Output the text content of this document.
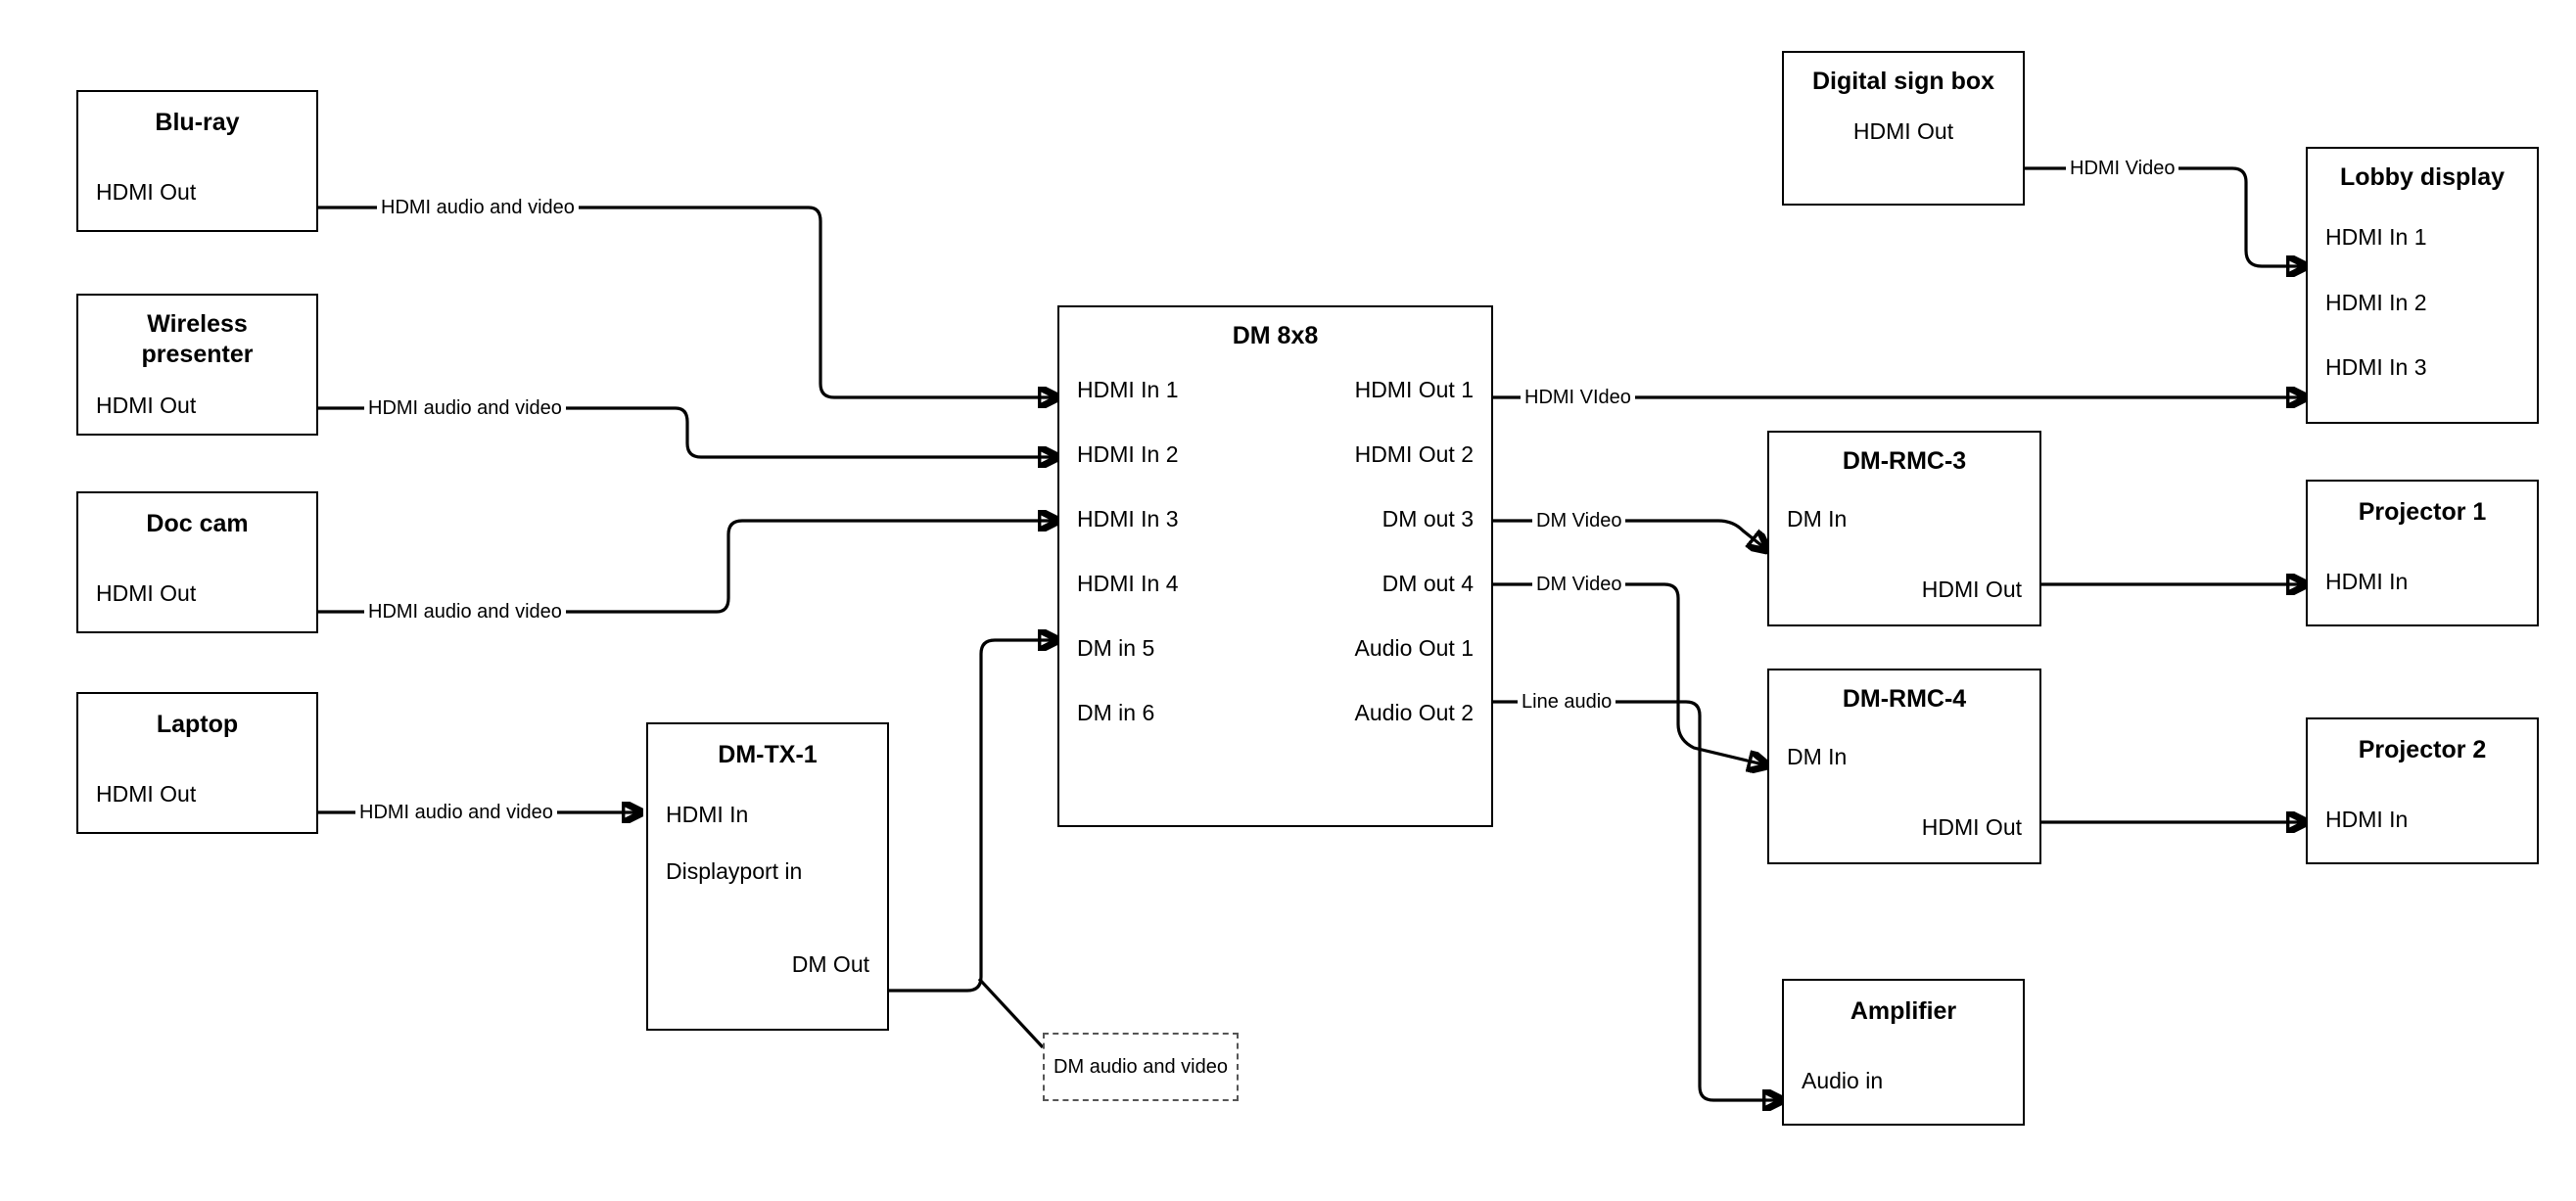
Blu-ray
HDMI Out
Wireless presenter
HDMI Out
Doc cam
HDMI Out
Laptop
HDMI Out
DM-TX-1
HDMI In
Displayport in
DM Out
DM audio and video
DM 8x8
HDMI In 1
HDMI In 2
HDMI In 3
HDMI In 4
DM in 5
DM in 6
HDMI Out 1
HDMI Out 2
DM out 3
DM out 4
Audio Out 1
Audio Out 2
Digital sign box
HDMI Out
Lobby display
HDMI In 1
HDMI In 2
HDMI In 3
DM-RMC-3
DM In
HDMI Out
DM-RMC-4
DM In
HDMI Out
Projector 1
HDMI In
Projector 2
HDMI In
Amplifier
Audio in
HDMI audio and video
HDMI audio and video
HDMI audio and video
HDMI audio and video
HDMI VIdeo
HDMI Video
DM Video
DM Video
Line audio
